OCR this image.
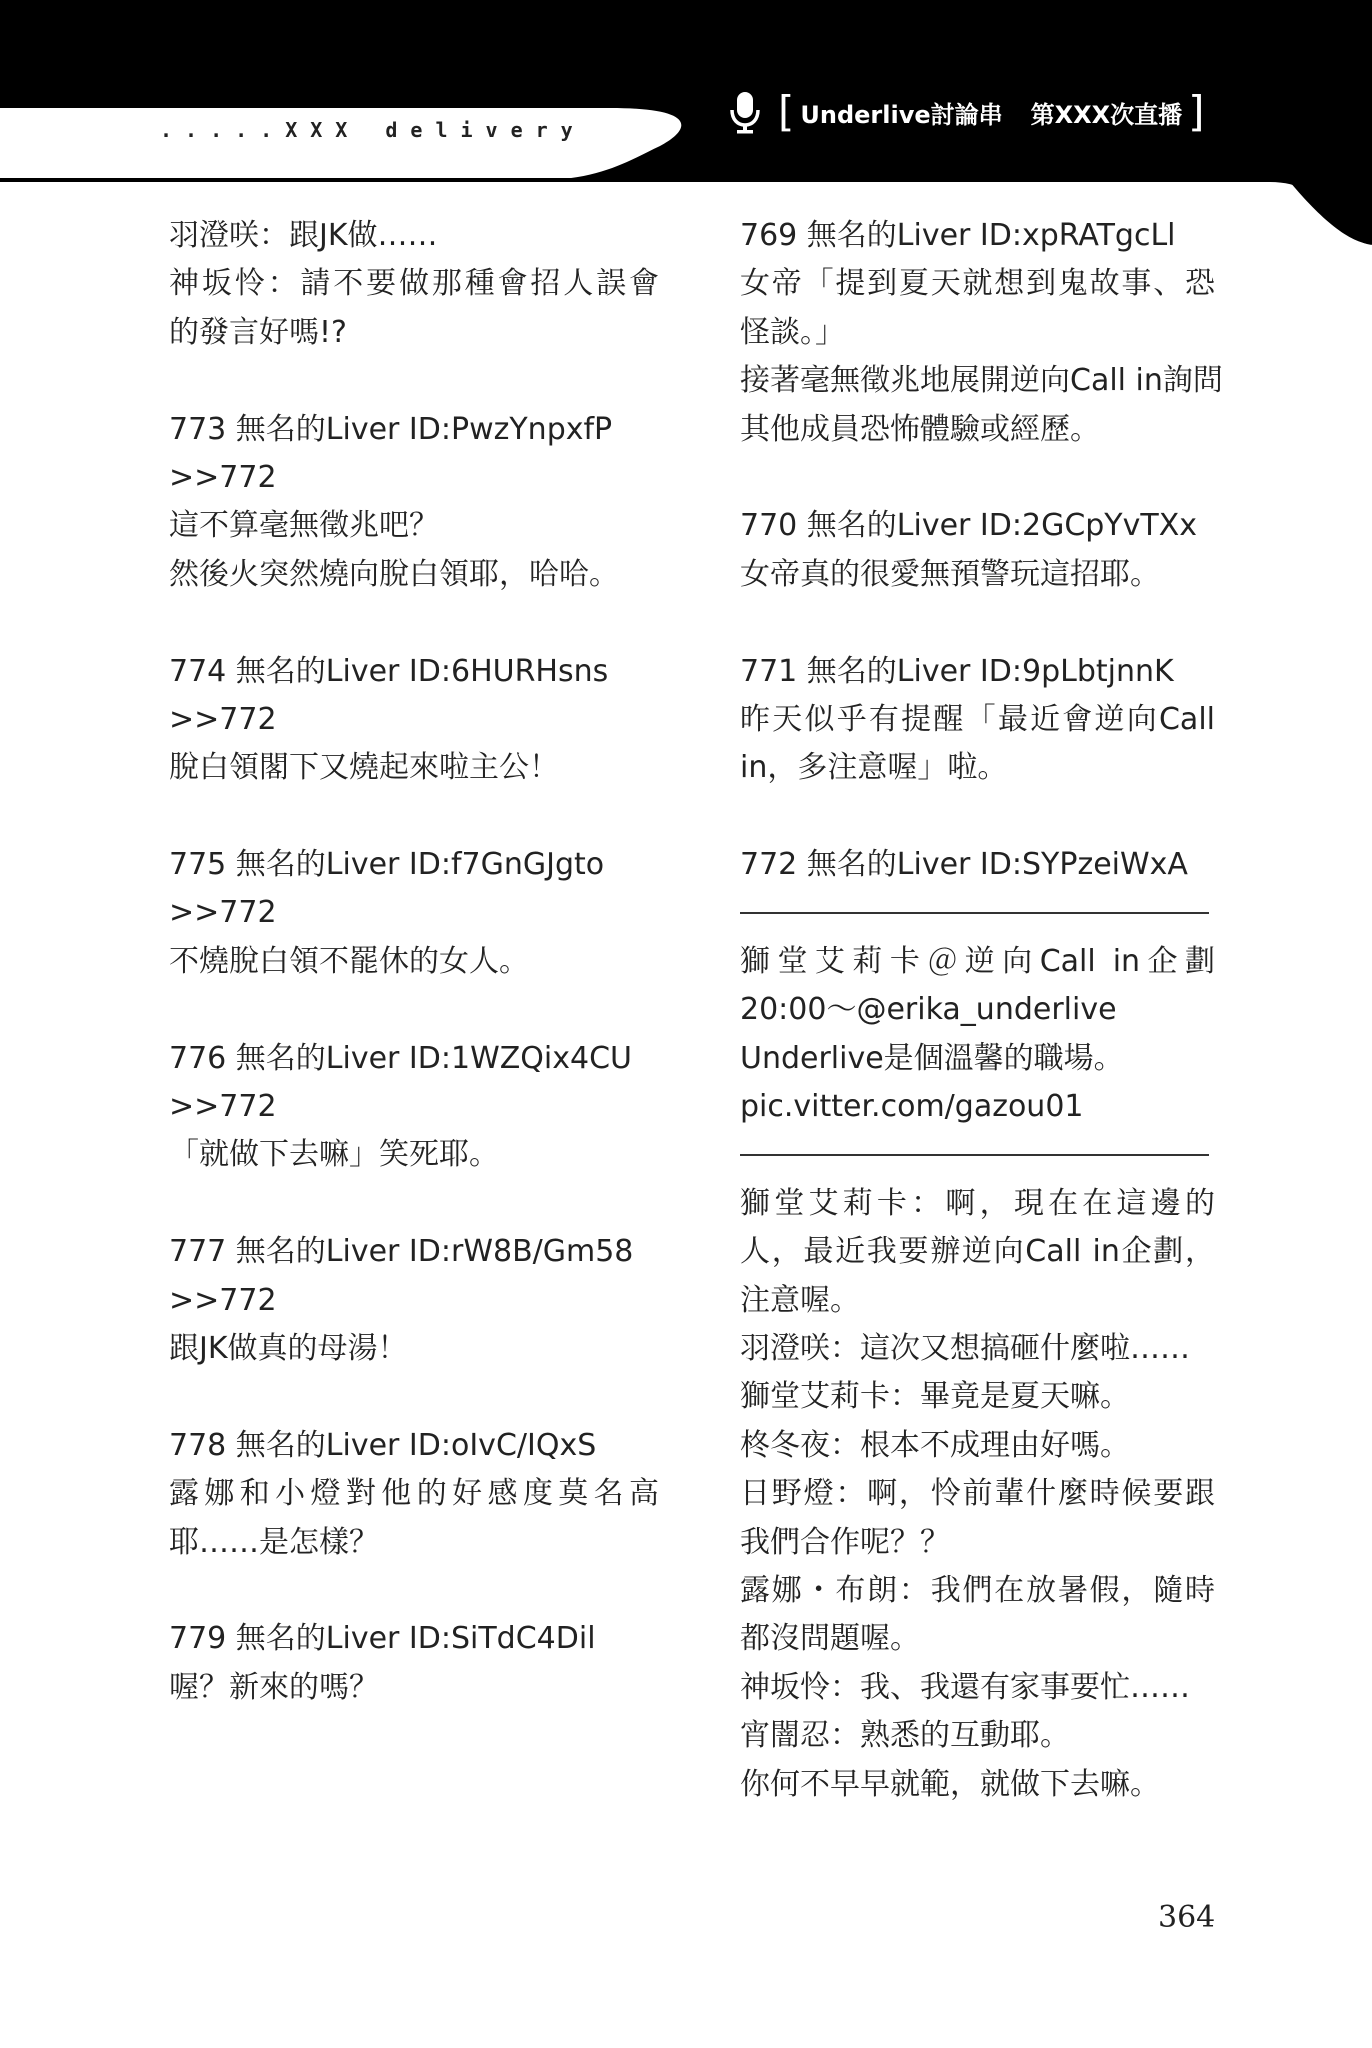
.....XXX delivery	[ Underlive討論串 第XXX次直播 ]
羽澄咲：跟JK做……
神坂怜：請不要做那種會招人誤會
的發言好嗎!?
773 無名的Liver ID:PwzYnpxfP
>>772
這不算毫無徵兆吧？
然後火突然燒向脫白領耶，哈哈。
774 無名的Liver ID:6HURHsns
>>772
脫白領閣下又燒起來啦主公！
775 無名的Liver ID:f7GnGJgto
>>772
不燒脫白領不罷休的女人。
776 無名的Liver ID:1WZQix4CU
>>772
「就做下去嘛」笑死耶。
777 無名的Liver ID:rW8B/Gm58
>>772
跟JK做真的母湯！
778 無名的Liver ID:oIvC/IQxS
露娜和小燈對他的好感度莫名高
耶……是怎樣？
779 無名的Liver ID:SiTdC4Dil
喔？新來的嗎？
769 無名的Liver ID:xpRATgcLl
女帝「提到夏天就想到鬼故事、恐
怪談。」
接著毫無徵兆地展開逆向Call in詢問
其他成員恐怖體驗或經歷。
770 無名的Liver ID:2GCpYvTXx
女帝真的很愛無預警玩這招耶。
771 無名的Liver ID:9pLbtjnnK
昨天似乎有提醒「最近會逆向Call
in，多注意喔」啦。
772 無名的Liver ID:SYPzeiWxA
獅堂艾莉卡＠逆向Call in企劃
20:00～@erika_underlive
Underlive是個溫馨的職場。
pic.vitter.com/gazou01
獅堂艾莉卡：啊，現在在這邊的
人，最近我要辦逆向Call in企劃，
注意喔。
羽澄咲：這次又想搞砸什麼啦……
獅堂艾莉卡：畢竟是夏天嘛。
柊冬夜：根本不成理由好嗎。
日野燈：啊，怜前輩什麼時候要跟
我們合作呢？？
露娜・布朗：我們在放暑假，隨時
都沒問題喔。
神坂怜：我、我還有家事要忙……
宵闇忍：熟悉的互動耶。
你何不早早就範，就做下去嘛。
364
